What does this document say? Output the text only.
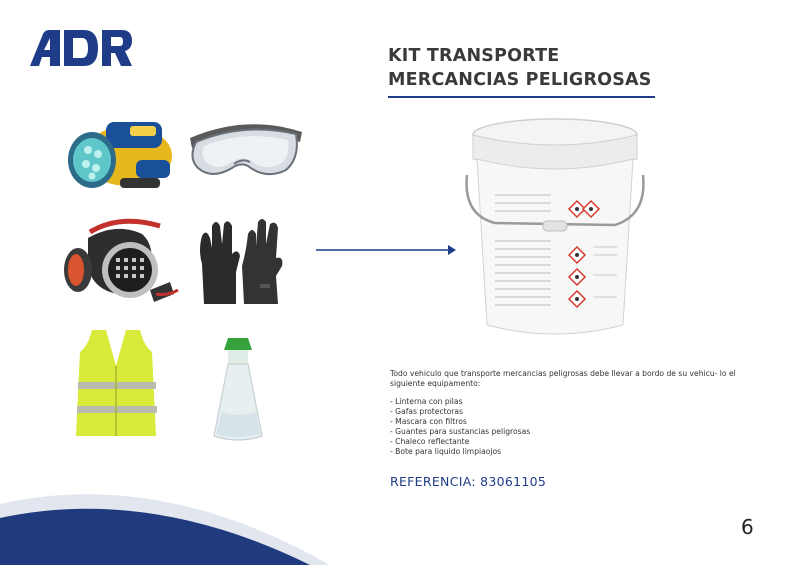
KIT TRANSPORTE
MERCANCIAS PELIGROSAS

Todo vehiculo que transporte mercancias peligrosas debe llevar a bordo de su vehicu- lo el siguiente equipamento:

- Linterna con pilas
- Gafas protectoras
- Mascara con filtros
- Guantes para sustancias peligrosas
- Chaleco reflectante
- Bote para liquido limpiaojos
REFERENCIA: 83061105
6
